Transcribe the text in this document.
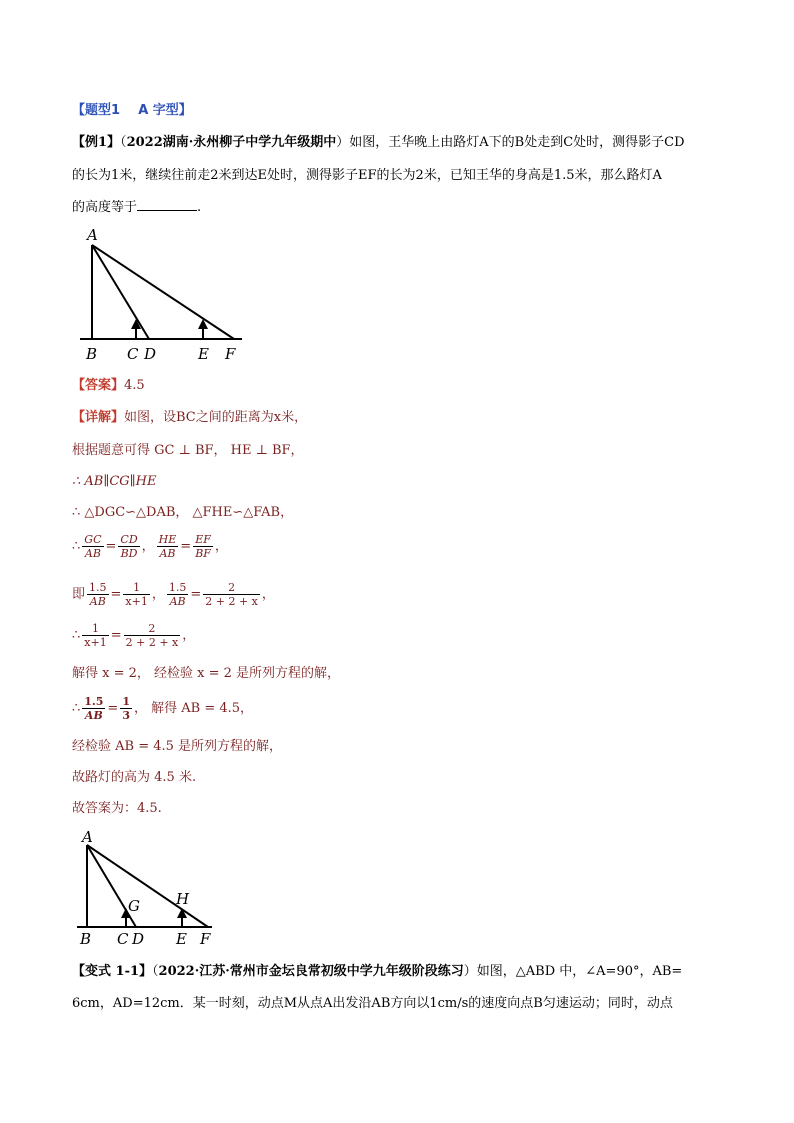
【题型1 A 字型】
【例1】（2022湖南·永州柳子中学九年级期中）如图，王华晚上由路灯A下的B处走到C处时，测得影子CD
的长为1米，继续往前走2米到达E处时，测得影子EF的长为2米，已知王华的身高是1.5米，那么路灯A
的高度等于	.
A
B C D	E F
【答案】4.5
【详解】如图，设BC之间的距离为x米，
根据题意可得 GC ⊥ BF， HE ⊥ BF，
∴ AB∥CG∥HE
∴ △DGC∽△DAB， △FHE∽△FAB，
∴ $\frac{GC}{AB} = \frac{CD}{BD}$ ， $\frac{HE}{AB} = \frac{EF}{BF}$ ，
即 $\frac{1.5}{AB} = \frac{1}{x+1}$ ， $\frac{1.5}{AB} = \frac{2}{2 + 2 + x}$ ，
∴ $\frac{1}{x+1} = \frac{2}{2 + 2 + x}$ ，
解得 x = 2， 经检验 x = 2 是所列方程的解，
∴ $\frac{1.5}{AB} = \frac{1}{3}$ ， 解得 AB = 4.5，
经检验 AB = 4.5 是所列方程的解，
故路灯的高为 4.5 米.
故答案为：4.5.
A
G H
B C D E F
【变式 1-1】（2022·江苏·常州市金坛良常初级中学九年级阶段练习）如图，△ABD 中，∠A=90°，AB=
6cm，AD=12cm．某一时刻，动点M从点A出发沿AB方向以1cm/s的速度向点B匀速运动；同时，动点
